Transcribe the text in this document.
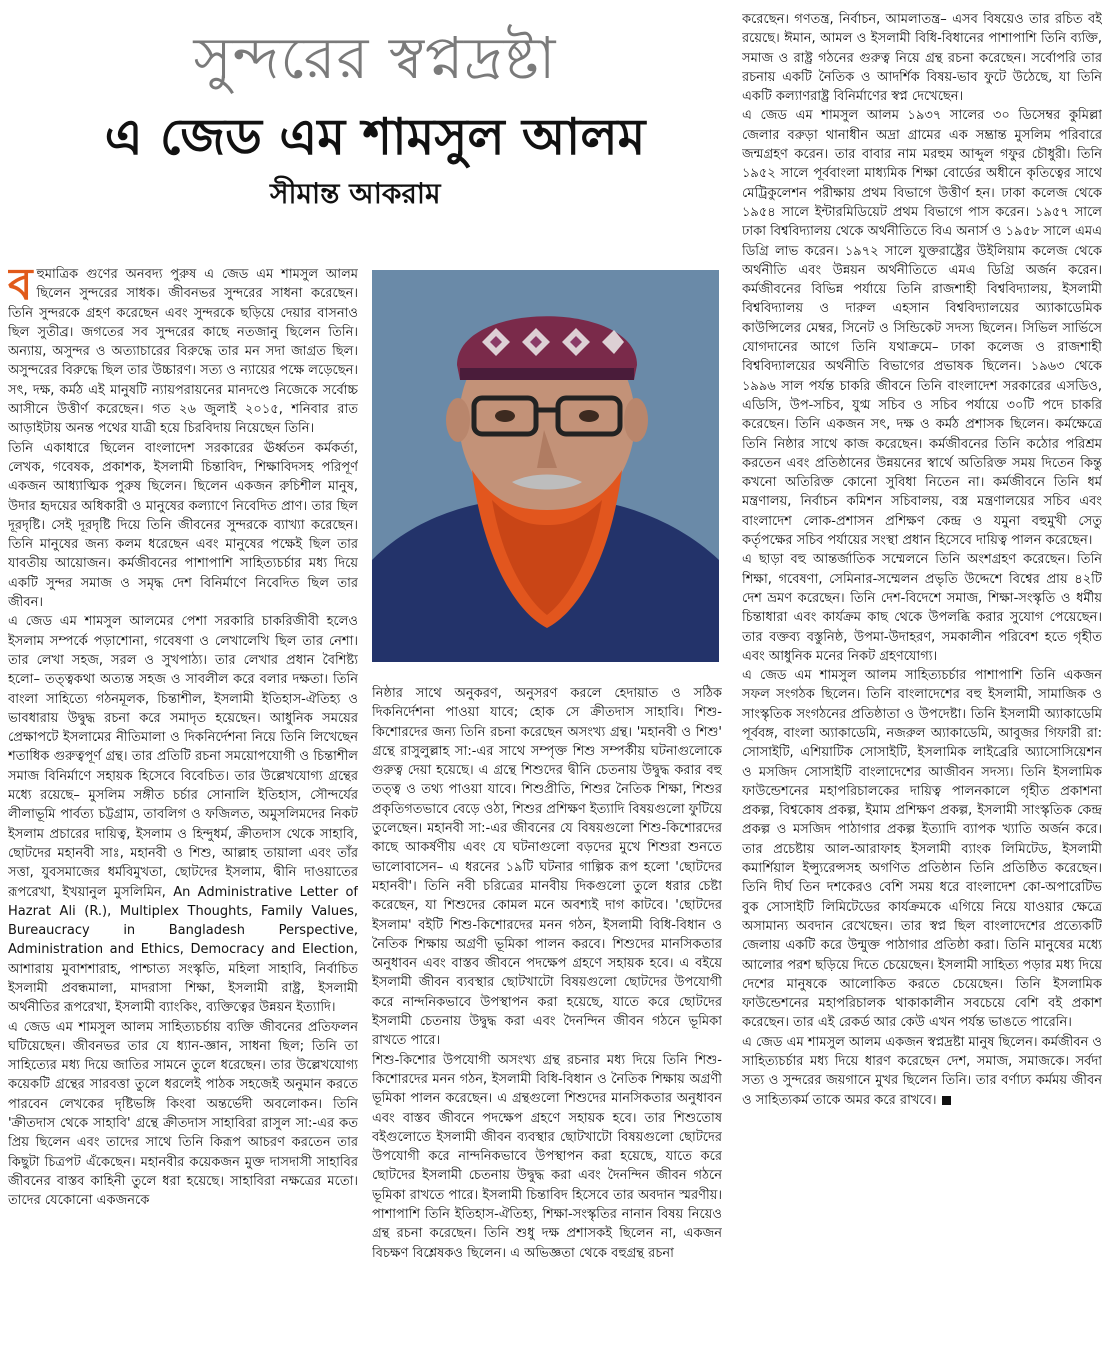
সুন্দরের স্বপ্নদ্রষ্টা
এ জেড এম শামসুল আলম
সীমান্ত আকরাম

বহুমাত্রিক গুণের অনবদ্য পুরুষ এ জেড এম শামসুল আলম ছিলেন সুন্দরের সাধক। জীবনভর সুন্দরের সাধনা করেছেন। তিনি সুন্দরকে গ্রহণ করেছেন এবং সুন্দরকে ছড়িয়ে দেয়ার বাসনাও ছিল সুতীব্র। জগতের সব সুন্দরের কাছে নতজানু ছিলেন তিনি। অন্যায়, অসুন্দর ও অত্যাচারের বিরুদ্ধে তার মন সদা জাগ্রত ছিল। অসুন্দরের বিরুদ্ধে ছিল তার উচ্চারণ। সত্য ও ন্যায়ের পক্ষে লড়েছেন। সৎ, দক্ষ, কর্মঠ এই মানুষটি ন্যায়পরায়নের মানদণ্ডে নিজেকে সর্বোচ্চ আসীনে উত্তীর্ণ করেছেন। গত ২৬ জুলাই ২০১৫, শনিবার রাত আড়াইটায় অনন্ত পথের যাত্রী হয়ে চিরবিদায় নিয়েছেন তিনি।

তিনি একাধারে ছিলেন বাংলাদেশ সরকারের ঊর্ধ্বতন কর্মকর্তা, লেখক, গবেষক, প্রকাশক, ইসলামী চিন্তাবিদ, শিক্ষাবিদসহ পরিপূর্ণ একজন আধ্যাত্মিক পুরুষ ছিলেন। ছিলেন একজন রুচিশীল মানুষ, উদার হৃদয়ের অধিকারী ও মানুষের কল্যাণে নিবেদিত প্রাণ। তার ছিল দূরদৃষ্টি। সেই দূরদৃষ্টি দিয়ে তিনি জীবনের সুন্দরকে ব্যাখ্যা করেছেন। তিনি মানুষের জন্য কলম ধরেছেন এবং মানুষের পক্ষেই ছিল তার যাবতীয় আয়োজন। কর্মজীবনের পাশাপাশি সাহিত্যচর্চার মধ্য দিয়ে একটি সুন্দর সমাজ ও সমৃদ্ধ দেশ বিনির্মাণে নিবেদিত ছিল তার জীবন।

এ জেড এম শামসুল আলমের পেশা সরকারি চাকরিজীবী হলেও ইসলাম সম্পর্কে পড়াশোনা, গবেষণা ও লেখালেখি ছিল তার নেশা। তার লেখা সহজ, সরল ও সুখপাঠ্য। তার লেখার প্রধান বৈশিষ্ট্য হলো– তত্ত্বকথা অত্যন্ত সহজ ও সাবলীল করে বলার দক্ষতা। তিনি বাংলা সাহিত্যে গঠনমূলক, চিন্তাশীল, ইসলামী ইতিহাস-ঐতিহ্য ও ভাবধারায় উদ্বুদ্ধ রচনা করে সমাদৃত হয়েছেন। আধুনিক সময়ের প্রেক্ষাপটে ইসলামের নীতিমালা ও দিকনির্দেশনা নিয়ে তিনি লিখেছেন শতাধিক গুরুত্বপূর্ণ গ্রন্থ। তার প্রতিটি রচনা সময়োপযোগী ও চিন্তাশীল সমাজ বিনির্মাণে সহায়ক হিসেবে বিবেচিত। তার উল্লেখযোগ্য গ্রন্থের মধ্যে রয়েছে– মুসলিম সঙ্গীত চর্চার সোনালি ইতিহাস, সৌন্দর্যের লীলাভূমি পার্বত্য চট্টগ্রাম, তাবলিগ ও ফজিলত, অমুসলিমদের নিকট ইসলাম প্রচারের দায়িত্ব, ইসলাম ও হিন্দুধর্ম, ক্রীতদাস থেকে সাহাবি, ছোটদের মহানবী সাঃ, মহানবী ও শিশু, আল্লাহ তায়ালা এবং তাঁর সত্তা, যুবসমাজের ধর্মবিমুখতা, ছোটদের ইসলাম, দ্বীনি দাওয়াতের রূপরেখা, ইখয়ানুল মুসলিমিন, An Administrative Letter of Hazrat Ali (R.), Multiplex Thoughts, Family Values, Bureaucracy in Bangladesh Perspective, Administration and Ethics, Democracy and Election, আশারায় মুবাশশারাহ, পাশ্চাত্য সংস্কৃতি, মহিলা সাহাবি, নির্বাচিত ইসলামী প্রবন্ধমালা, মাদরাসা শিক্ষা, ইসলামী রাষ্ট্র, ইসলামী অর্থনীতির রূপরেখা, ইসলামী ব্যাংকিং, ব্যক্তিত্বের উন্নয়ন ইত্যাদি।

এ জেড এম শামসুল আলম সাহিত্যচর্চায় ব্যক্তি জীবনের প্রতিফলন ঘটিয়েছেন। জীবনভর তার যে ধ্যান-জ্ঞান, সাধনা ছিল; তিনি তা সাহিত্যের মধ্য দিয়ে জাতির সামনে তুলে ধরেছেন। তার উল্লেখযোগ্য কয়েকটি গ্রন্থের সারবত্তা তুলে ধরলেই পাঠক সহজেই অনুমান করতে পারবেন লেখকের দৃষ্টিভঙ্গি কিংবা অন্তর্ভেদী অবলোকন। তিনি 'ক্রীতদাস থেকে সাহাবি' গ্রন্থে ক্রীতদাস সাহাবিরা রাসুল সা:-এর কত প্রিয় ছিলেন এবং তাদের সাথে তিনি কিরূপ আচরণ করতেন তার কিছুটা চিত্রপট এঁকেছেন। মহানবীর কয়েকজন মুক্ত দাসদাসী সাহাবির জীবনের বাস্তব কাহিনী তুলে ধরা হয়েছে। সাহাবিরা নক্ষত্রের মতো। তাদের যেকোনো একজনকে

নিষ্ঠার সাথে অনুকরণ, অনুসরণ করলে হেদায়াত ও সঠিক দিকনির্দেশনা পাওয়া যাবে; হোক সে ক্রীতদাস সাহাবি। শিশু-কিশোরদের জন্য তিনি রচনা করেছেন অসংখ্য গ্রন্থ। 'মহানবী ও শিশু' গ্রন্থে রাসুলুল্লাহ সা:-এর সাথে সম্পৃক্ত শিশু সম্পর্কীয় ঘটনাগুলোকে গুরুত্ব দেয়া হয়েছে। এ গ্রন্থে শিশুদের দ্বীনি চেতনায় উদ্বুদ্ধ করার বহু তত্ত্ব ও তথ্য পাওয়া যাবে। শিশুপ্রীতি, শিশুর নৈতিক শিক্ষা, শিশুর প্রকৃতিগতভাবে বেড়ে ওঠা, শিশুর প্রশিক্ষণ ইত্যাদি বিষয়গুলো ফুটিয়ে তুলেছেন। মহানবী সা:-এর জীবনের যে বিষয়গুলো শিশু-কিশোরদের কাছে আকর্ষণীয় এবং যে ঘটনাগুলো বড়দের মুখে শিশুরা শুনতে ভালোবাসেন– এ ধরনের ১৯টি ঘটনার গাল্পিক রূপ হলো 'ছোটদের মহানবী'। তিনি নবী চরিত্রের মানবীয় দিকগুলো তুলে ধরার চেষ্টা করেছেন, যা শিশুদের কোমল মনে অবশ্যই দাগ কাটবে। 'ছোটদের ইসলাম' বইটি শিশু-কিশোরদের মনন গঠন, ইসলামী বিধি-বিধান ও নৈতিক শিক্ষায় অগ্রণী ভূমিকা পালন করবে। শিশুদের মানসিকতার অনুধাবন এবং বাস্তব জীবনে পদক্ষেপ গ্রহণে সহায়ক হবে। এ বইয়ে ইসলামী জীবন ব্যবস্থার ছোটখাটো বিষয়গুলো ছোটদের উপযোগী করে নান্দনিকভাবে উপস্থাপন করা হয়েছে, যাতে করে ছোটদের ইসলামী চেতনায় উদ্বুদ্ধ করা এবং দৈনন্দিন জীবন গঠনে ভূমিকা রাখতে পারে।

শিশু-কিশোর উপযোগী অসংখ্য গ্রন্থ রচনার মধ্য দিয়ে তিনি শিশু-কিশোরদের মনন গঠন, ইসলামী বিধি-বিধান ও নৈতিক শিক্ষায় অগ্রণী ভূমিকা পালন করেছেন। এ গ্রন্থগুলো শিশুদের মানসিকতার অনুধাবন এবং বাস্তব জীবনে পদক্ষেপ গ্রহণে সহায়ক হবে। তার শিশুতোষ বইগুলোতে ইসলামী জীবন ব্যবস্থার ছোটখাটো বিষয়গুলো ছোটদের উপযোগী করে নান্দনিকভাবে উপস্থাপন করা হয়েছে, যাতে করে ছোটদের ইসলামী চেতনায় উদ্বুদ্ধ করা এবং দৈনন্দিন জীবন গঠনে ভূমিকা রাখতে পারে। ইসলামী চিন্তাবিদ হিসেবে তার অবদান স্মরণীয়। পাশাপাশি তিনি ইতিহাস-ঐতিহ্য, শিক্ষা-সংস্কৃতির নানান বিষয় নিয়েও গ্রন্থ রচনা করেছেন। তিনি শুধু দক্ষ প্রশাসকই ছিলেন না, একজন বিচক্ষণ বিশ্লেষকও ছিলেন। এ অভিজ্ঞতা থেকে বহুগ্রন্থ রচনা

করেছেন। গণতন্ত্র, নির্বাচন, আমলাতন্ত্র– এসব বিষয়েও তার রচিত বই রয়েছে। ঈমান, আমল ও ইসলামী বিধি-বিধানের পাশাপাশি তিনি ব্যক্তি, সমাজ ও রাষ্ট্র গঠনের গুরুত্ব নিয়ে গ্রন্থ রচনা করেছেন। সর্বোপরি তার রচনায় একটি নৈতিক ও আদর্শিক বিষয়-ভাব ফুটে উঠেছে, যা তিনি একটি কল্যাণরাষ্ট্র বিনির্মাণের স্বপ্ন দেখেছেন।

এ জেড এম শামসুল আলম ১৯৩৭ সালের ৩০ ডিসেম্বর কুমিল্লা জেলার বরুড়া থানাধীন অদ্রা গ্রামের এক সম্ভ্রান্ত মুসলিম পরিবারে জন্মগ্রহণ করেন। তার বাবার নাম মরহুম আব্দুল গফুর চৌধুরী। তিনি ১৯৫২ সালে পূর্ববাংলা মাধ্যমিক শিক্ষা বোর্ডের অধীনে কৃতিত্বের সাথে মেট্রিকুলেশন পরীক্ষায় প্রথম বিভাগে উত্তীর্ণ হন। ঢাকা কলেজ থেকে ১৯৫৪ সালে ইন্টারমিডিয়েট প্রথম বিভাগে পাস করেন। ১৯৫৭ সালে ঢাকা বিশ্ববিদ্যালয় থেকে অর্থনীতিতে বিএ অনার্স ও ১৯৫৮ সালে এমএ ডিগ্রি লাভ করেন। ১৯৭২ সালে যুক্তরাষ্ট্রের উইলিয়াম কলেজ থেকে অর্থনীতি এবং উন্নয়ন অর্থনীতিতে এমএ ডিগ্রি অর্জন করেন। কর্মজীবনের বিভিন্ন পর্যায়ে তিনি রাজশাহী বিশ্ববিদ্যালয়, ইসলামী বিশ্ববিদ্যালয় ও দারুল এহসান বিশ্ববিদ্যালয়ের অ্যাকাডেমিক কাউন্সিলের মেম্বর, সিনেট ও সিন্ডিকেট সদস্য ছিলেন। সিভিল সার্ভিসে যোগদানের আগে তিনি যথাক্রমে– ঢাকা কলেজ ও রাজশাহী বিশ্ববিদ্যালয়ের অর্থনীতি বিভাগের প্রভাষক ছিলেন। ১৯৬৩ থেকে ১৯৯৬ সাল পর্যন্ত চাকরি জীবনে তিনি বাংলাদেশ সরকারের এসডিও, এডিসি, উপ-সচিব, যুগ্ম সচিব ও সচিব পর্যায়ে ৩০টি পদে চাকরি করেছেন। তিনি একজন সৎ, দক্ষ ও কর্মঠ প্রশাসক ছিলেন। কর্মক্ষেত্রে তিনি নিষ্ঠার সাথে কাজ করেছেন। কর্মজীবনের তিনি কঠোর পরিশ্রম করতেন এবং প্রতিষ্ঠানের উন্নয়নের স্বার্থে অতিরিক্ত সময় দিতেন কিন্তু কখনো অতিরিক্ত কোনো সুবিধা নিতেন না। কর্মজীবনে তিনি ধর্ম মন্ত্রণালয়, নির্বাচন কমিশন সচিবালয়, বস্ত্র মন্ত্রণালয়ের সচিব এবং বাংলাদেশ লোক-প্রশাসন প্রশিক্ষণ কেন্দ্র ও যমুনা বহুমুখী সেতু কর্তৃপক্ষের সচিব পর্যায়ের সংস্থা প্রধান হিসেবে দায়িত্ব পালন করেছেন।

এ ছাড়া বহু আন্তর্জাতিক সম্মেলনে তিনি অংশগ্রহণ করেছেন। তিনি শিক্ষা, গবেষণা, সেমিনার-সম্মেলন প্রভৃতি উদ্দেশে বিশ্বের প্রায় ৪২টি দেশ ভ্রমণ করেছেন। তিনি দেশ-বিদেশে সমাজ, শিক্ষা-সংস্কৃতি ও ধর্মীয় চিন্তাধারা এবং কার্যক্রম কাছ থেকে উপলব্ধি করার সুযোগ পেয়েছেন। তার বক্তব্য বস্তুনিষ্ঠ, উপমা-উদাহরণ, সমকালীন পরিবেশ হতে গৃহীত এবং আধুনিক মনের নিকট গ্রহণযোগ্য।

এ জেড এম শামসুল আলম সাহিত্যচর্চার পাশাপাশি তিনি একজন সফল সংগঠক ছিলেন। তিনি বাংলাদেশের বহু ইসলামী, সামাজিক ও সাংস্কৃতিক সংগঠনের প্রতিষ্ঠাতা ও উপদেষ্টা। তিনি ইসলামী অ্যাকাডেমি পূর্ববঙ্গ, বাংলা অ্যাকাডেমি, নজরুল অ্যাকাডেমি, আবুজর গিফারী রা: সোসাইটি, এশিয়াটিক সোসাইটি, ইসলামিক লাইব্রেরি অ্যাসোসিয়েশন ও মসজিদ সোসাইটি বাংলাদেশের আজীবন সদস্য। তিনি ইসলামিক ফাউন্ডেশনের মহাপরিচালকের দায়িত্ব পালনকালে গৃহীত প্রকাশনা প্রকল্প, বিশ্বকোষ প্রকল্প, ইমাম প্রশিক্ষণ প্রকল্প, ইসলামী সাংস্কৃতিক কেন্দ্র প্রকল্প ও মসজিদ পাঠাগার প্রকল্প ইত্যাদি ব্যাপক খ্যাতি অর্জন করে। তার প্রচেষ্টায় আল-আরাফাহ ইসলামী ব্যাংক লিমিটেড, ইসলামী কমার্শিয়াল ইন্স্যুরেন্সসহ অগণিত প্রতিষ্ঠান তিনি প্রতিষ্ঠিত করেছেন। তিনি দীর্ঘ তিন দশকেরও বেশি সময় ধরে বাংলাদেশ কো-অপারেটিভ বুক সোসাইটি লিমিটেডের কার্যক্রমকে এগিয়ে নিয়ে যাওয়ার ক্ষেত্রে অসামান্য অবদান রেখেছেন। তার স্বপ্ন ছিল বাংলাদেশের প্রত্যেকটি জেলায় একটি করে উন্মুক্ত পাঠাগার প্রতিষ্ঠা করা। তিনি মানুষের মধ্যে আলোর পরশ ছড়িয়ে দিতে চেয়েছেন। ইসলামী সাহিত্য পড়ার মধ্য দিয়ে দেশের মানুষকে আলোকিত করতে চেয়েছেন। তিনি ইসলামিক ফাউন্ডেশনের মহাপরিচালক থাকাকালীন সবচেয়ে বেশি বই প্রকাশ করেছেন। তার এই রেকর্ড আর কেউ এখন পর্যন্ত ভাঙতে পারেনি।

এ জেড এম শামসুল আলম একজন স্বপ্নদ্রষ্টা মানুষ ছিলেন। কর্মজীবন ও সাহিত্যচর্চার মধ্য দিয়ে ধারণ করেছেন দেশ, সমাজ, সমাজকে। সর্বদা সত্য ও সুন্দরের জয়গানে মুখর ছিলেন তিনি। তার বর্ণাঢ্য কর্মময় জীবন ও সাহিত্যকর্ম তাকে অমর করে রাখবে।
